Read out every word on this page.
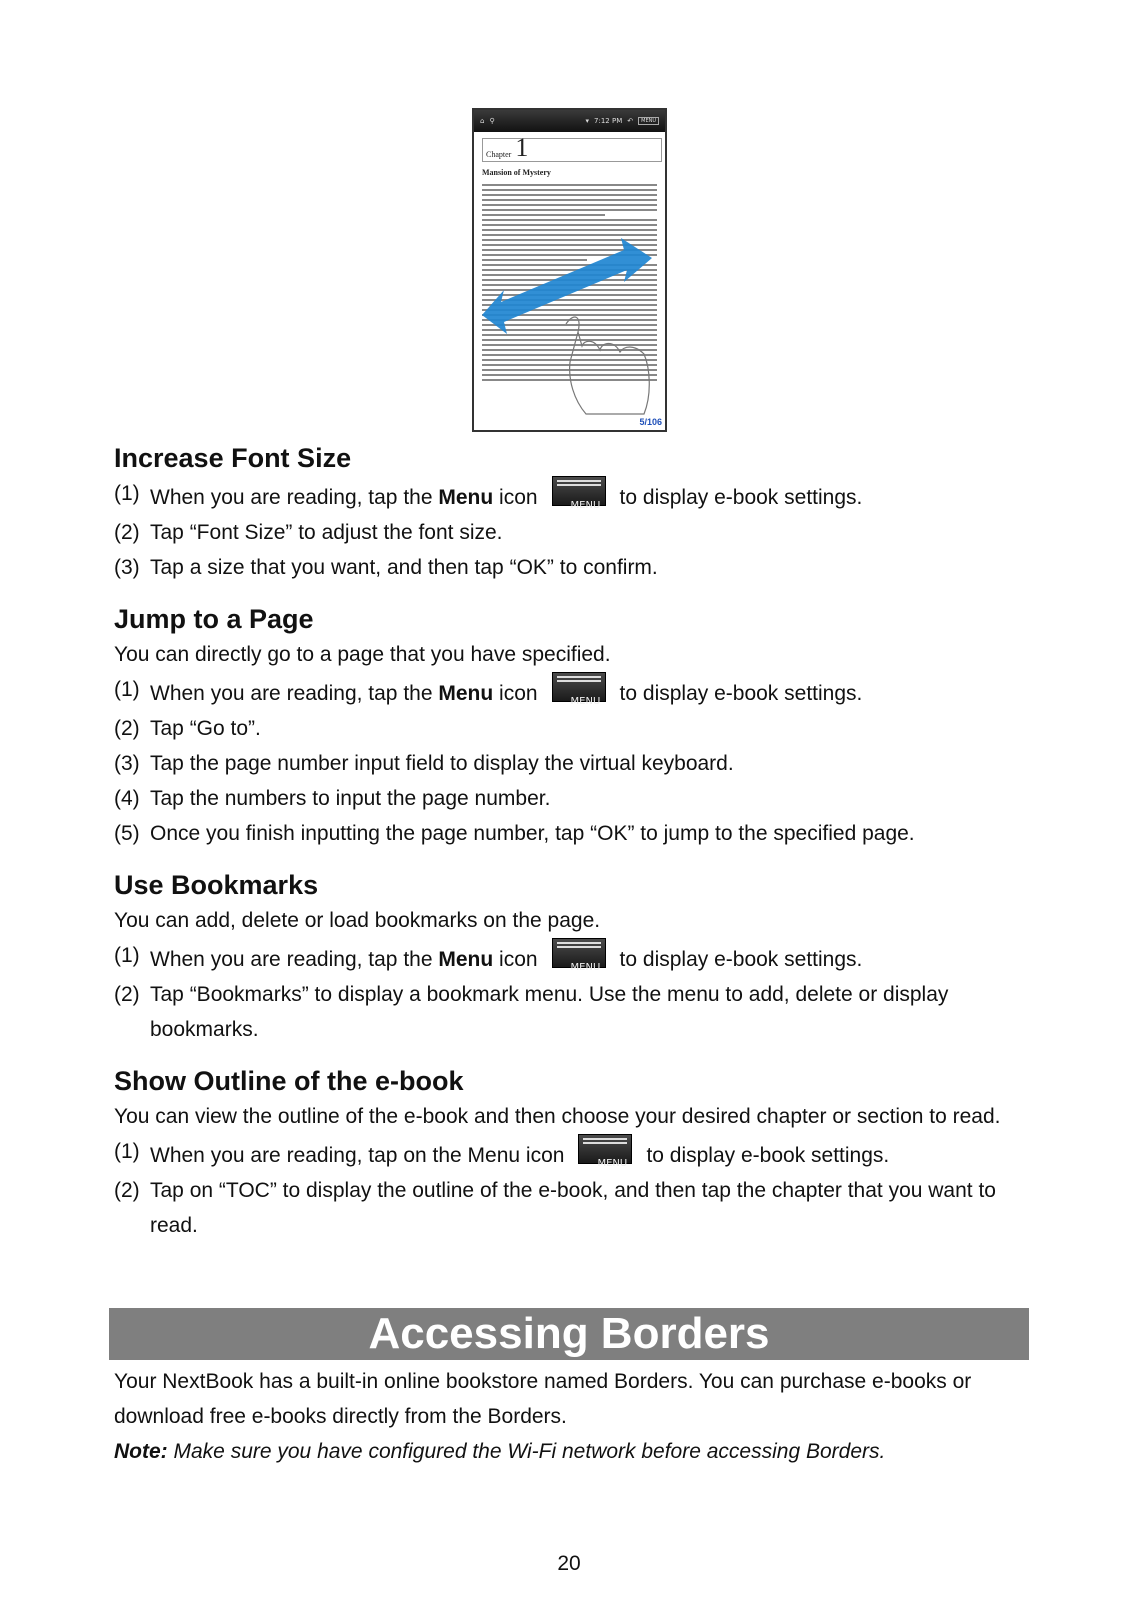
⌂ ⚲	▾ 7:12 PM ↶	MENU
Chapter 1
Mansion of Mystery
5/106
Increase Font Size
(1) When you are reading, tap the Menu icon	MENU to display e-book settings.
(2) Tap “Font Size” to adjust the font size.
(3) Tap a size that you want, and then tap “OK” to confirm.
Jump to a Page

You can directly go to a page that you have specified.

(1) When you are reading, tap the Menu icon	MENU to display e-book settings.
(2) Tap “Go to”.
(3) Tap the page number input field to display the virtual keyboard.
(4) Tap the numbers to input the page number.
(5) Once you finish inputting the page number, tap “OK” to jump to the specified page.
Use Bookmarks

You can add, delete or load bookmarks on the page.

(1) When you are reading, tap the Menu icon	MENU to display e-book settings.
(2) Tap “Bookmarks” to display a bookmark menu. Use the menu to add, delete or display bookmarks.
Show Outline of the e-book

You can view the outline of the e-book and then choose your desired chapter or section to read.

(1) When you are reading, tap on the Menu icon	MENU to display e-book settings.
(2) Tap on “TOC” to display the outline of the e-book, and then tap the chapter that you want to read.
Accessing Borders

Your NextBook has a built-in online bookstore named Borders. You can purchase e-books or download free e-books directly from the Borders.

Note: Make sure you have configured the Wi-Fi network before accessing Borders.
20
